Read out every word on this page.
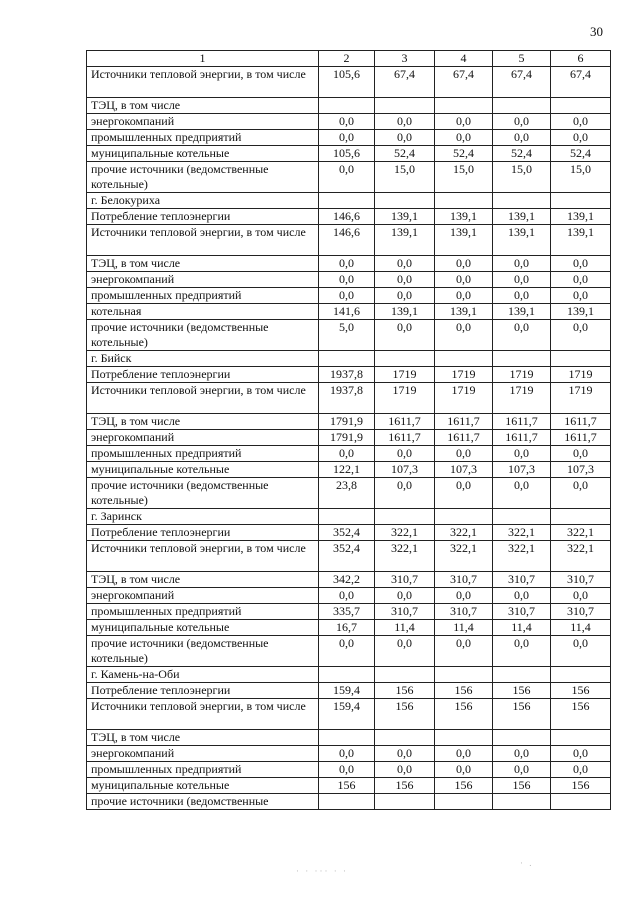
30
1	2	3	4	5	6
Источники тепловой энергии, в том числе	105,6	67,4	67,4	67,4	67,4
ТЭЦ, в том числе					
энергокомпаний	0,0	0,0	0,0	0,0	0,0
промышленных предприятий	0,0	0,0	0,0	0,0	0,0
муниципальные котельные	105,6	52,4	52,4	52,4	52,4
прочие источники (ведомственные котельные)	0,0	15,0	15,0	15,0	15,0
г. Белокуриха					
Потребление теплоэнергии	146,6	139,1	139,1	139,1	139,1
Источники тепловой энергии, в том числе	146,6	139,1	139,1	139,1	139,1
ТЭЦ, в том числе	0,0	0,0	0,0	0,0	0,0
энергокомпаний	0,0	0,0	0,0	0,0	0,0
промышленных предприятий	0,0	0,0	0,0	0,0	0,0
котельная	141,6	139,1	139,1	139,1	139,1
прочие источники (ведомственные котельные)	5,0	0,0	0,0	0,0	0,0
г. Бийск					
Потребление теплоэнергии	1937,8	1719	1719	1719	1719
Источники тепловой энергии, в том числе	1937,8	1719	1719	1719	1719
ТЭЦ, в том числе	1791,9	1611,7	1611,7	1611,7	1611,7
энергокомпаний	1791,9	1611,7	1611,7	1611,7	1611,7
промышленных предприятий	0,0	0,0	0,0	0,0	0,0
муниципальные котельные	122,1	107,3	107,3	107,3	107,3
прочие источники (ведомственные котельные)	23,8	0,0	0,0	0,0	0,0
г. Заринск					
Потребление теплоэнергии	352,4	322,1	322,1	322,1	322,1
Источники тепловой энергии, в том числе	352,4	322,1	322,1	322,1	322,1
ТЭЦ, в том числе	342,2	310,7	310,7	310,7	310,7
энергокомпаний	0,0	0,0	0,0	0,0	0,0
промышленных предприятий	335,7	310,7	310,7	310,7	310,7
муниципальные котельные	16,7	11,4	11,4	11,4	11,4
прочие источники (ведомственные котельные)	0,0	0,0	0,0	0,0	0,0
г. Камень-на-Оби					
Потребление теплоэнергии	159,4	156	156	156	156
Источники тепловой энергии, в том числе	159,4	156	156	156	156
ТЭЦ, в том числе					
энергокомпаний	0,0	0,0	0,0	0,0	0,0
промышленных предприятий	0,0	0,0	0,0	0,0	0,0
муниципальные котельные	156	156	156	156	156
прочие источники (ведомственные					
· · ··· · ·
· .
